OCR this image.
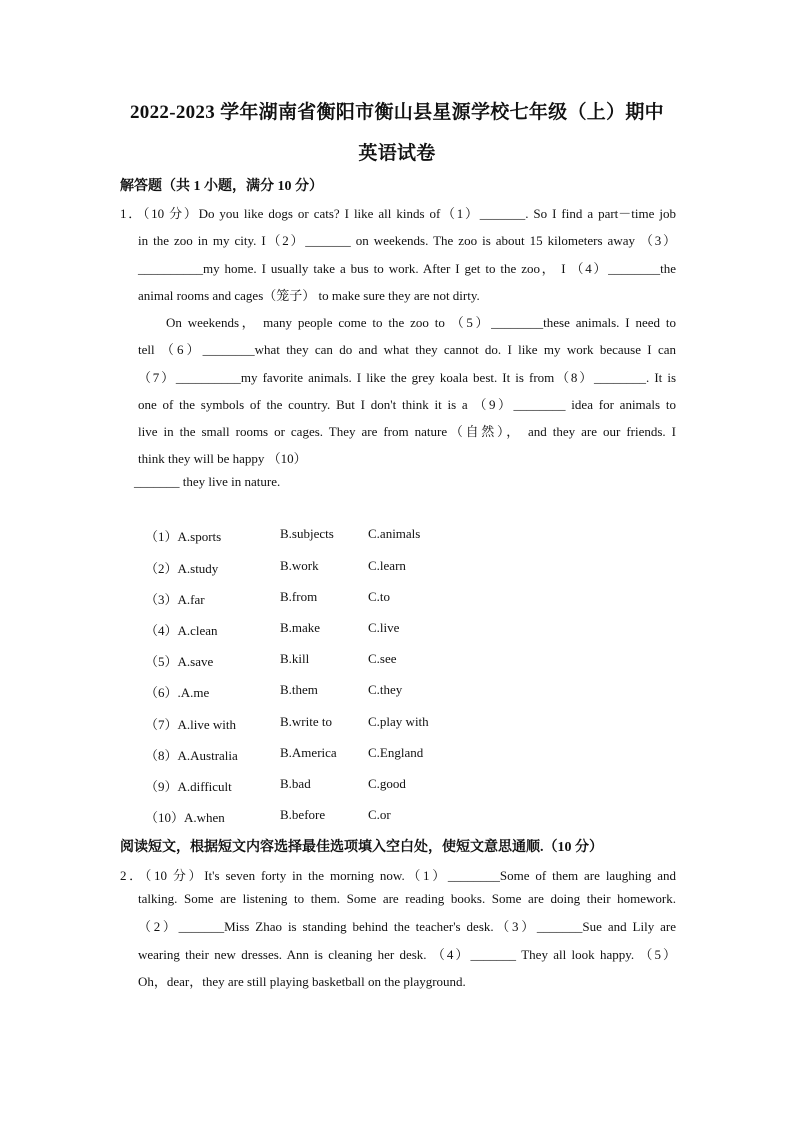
2022-2023 学年湖南省衡阳市衡山县星源学校七年级（上）期中
英语试卷
解答题（共 1 小题，满分 10 分）
1．（10 分）Do you like dogs or cats? I like all kinds of（1）_______. So I find a part－time job
in the zoo in my city. I（2）_______ on weekends. The zoo is about 15 kilometers away （3）
__________my home. I usually take a bus to work. After I get to the zoo， I （4）________the
animal rooms and cages（笼子） to make sure they are not dirty.
On weekends， many people come to the zoo to （5）________these animals. I need to
tell （6）________what they can do and what they cannot do. I like my work because I can
（7）__________my favorite animals. I like the grey koala best. It is from（8）________. It is
one of the symbols of the country. But I don't think it is a （9）________ idea for animals to
live in the small rooms or cages. They are from nature（自然）， and they are our friends. I
think they will be happy （10）
_______ they live in nature.
（1）A.sports	B.subjects	C.animals
（2）A.study	B.work	C.learn
（3）A.far	B.from	C.to
（4）A.clean	B.make	C.live
（5）A.save	B.kill	C.see
（6）.A.me	B.them	C.they
（7）A.live with	B.write to	C.play with
（8）A.Australia	B.America C.England
（9）A.difficult	B.bad	C.good
（10）A.when	B.before	C.or
阅读短文，根据短文内容选择最佳选项填入空白处，使短文意思通顺.（10 分）
2．（10 分）It's seven forty in the morning now.（1）________Some of them are laughing and
talking. Some are listening to them. Some are reading books. Some are doing their homework.
（2）_______Miss Zhao is standing behind the teacher's desk.（3）_______Sue and Lily are
wearing their new dresses. Ann is cleaning her desk. （4）_______ They all look happy. （5）
Oh，dear，they are still playing basketball on the playground.
